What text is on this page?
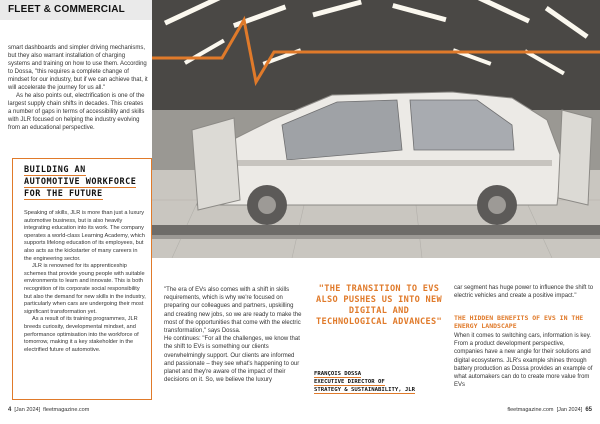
FLEET & COMMERCIAL

smart dashboards and simpler driving mechanisms, but they also warrant installation of charging systems and training on how to use them. According to Dossa, "this requires a complete change of mindset for our industry, but if we can achieve that, it will accelerate the journey for us all."

As he also points out, electrification is one of the largest supply chain shifts in decades. This creates a number of gaps in terms of accessibility and skills with JLR focused on helping the industry evolving from an educational perspective.

BUILDING AN
AUTOMOTIVE WORKFORCE
FOR THE FUTURE

Speaking of skills, JLR is more than just a luxury automotive business, but is also heavily integrating education into its work. The company operates a world-class Learning Academy, which supports lifelong education of its employees, but also acts as the kickstarter of many careers in the engineering sector.

JLR is renowned for its apprenticeship schemes that provide young people with suitable environments to learn and innovate. This is both recognition of its corporate social responsibility but also the demand for new skills in the industry, particularly when cars are undergoing their most significant transformation yet.

As a result of its training programmes, JLR breeds curiosity, developmental mindset, and performance optimisation into the workforce of tomorrow, making it a key stakeholder in the electrified future of automotive.

"The era of EVs also comes with a shift in skills requirements, which is why we're focused on preparing our colleagues and partners, upskilling and creating new jobs, so we are ready to make the most of the opportunities that come with the electric transformation," says Dossa.

He continues: "For all the challenges, we know that the shift to EVs is something our clients overwhelmingly support. Our clients are informed and passionate – they see what's happening to our planet and they're aware of the impact of their decisions on it. So, we believe the luxury

"THE TRANSITION TO EVS ALSO PUSHES US INTO NEW DIGITAL AND TECHNOLOGICAL ADVANCES"
FRANÇOIS DOSSA
EXECUTIVE DIRECTOR OF
STRATEGY & SUSTAINABILITY, JLR

car segment has huge power to influence the shift to electric vehicles and create a positive impact."

THE HIDDEN BENEFITS OF EVS IN THE ENERGY LANDSCAPE

When it comes to switching cars, information is key. From a product development perspective, companies have a new angle for their solutions and digital ecosystems. JLR's example shines through battery production as Dossa provides an example of what automakers can do to create more value from EVs

4 [Jan 2024] fleetmagazine.com	fleetmagazine.com [Jan 2024] 65
